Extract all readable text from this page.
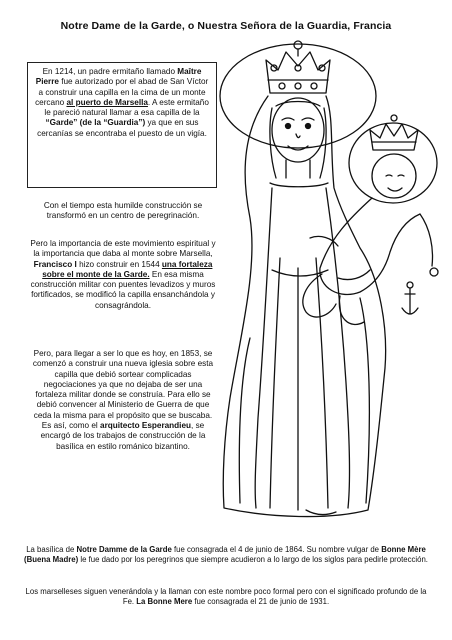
Notre Dame de la Garde, o Nuestra Señora de la Guardia, Francia
En 1214, un padre ermitaño llamado Maître Pierre fue autorizado por el abad de San Víctor a construir una capilla en la cima de un monte cercano al puerto de Marsella. A este ermitaño le pareció natural llamar a esa capilla de la “Garde” (de la “Guardia”) ya que en sus cercanías se encontraba el puesto de un vigía.

Con el tiempo esta humilde construcción se transformó en un centro de peregrinación.

Pero la importancia de este movimiento espiritual y la importancia que daba al monte sobre Marsella, Francisco I hizo construir en 1544 una fortaleza sobre el monte de la Garde. En esa misma construcción militar con puentes levadizos y muros fortificados, se modificó la capilla ensanchándola y consagrándola.

Pero, para llegar a ser lo que es hoy, en 1853, se comenzó a construir una nueva iglesia sobre esta capilla que debió sortear complicadas negociaciones ya que no dejaba de ser una fortaleza militar donde se construía. Para ello se debió convencer al Ministerio de Guerra de que ceda la misma para el propósito que se buscaba. Es así, como el arquitecto Esperandieu, se encargó de los trabajos de construcción de la basílica en estilo románico bizantino.

La basílica de Notre Damme de la Garde fue consagrada el 4 de junio de 1864. Su nombre vulgar de Bonne Mère (Buena Madre) le fue dado por los peregrinos que siempre acudieron a lo largo de los siglos para pedirle protección.
Los marselleses siguen venerándola y la llaman con este nombre poco formal pero con el significado profundo de la Fe. La Bonne Mere fue consagrada el 21 de junio de 1931.
